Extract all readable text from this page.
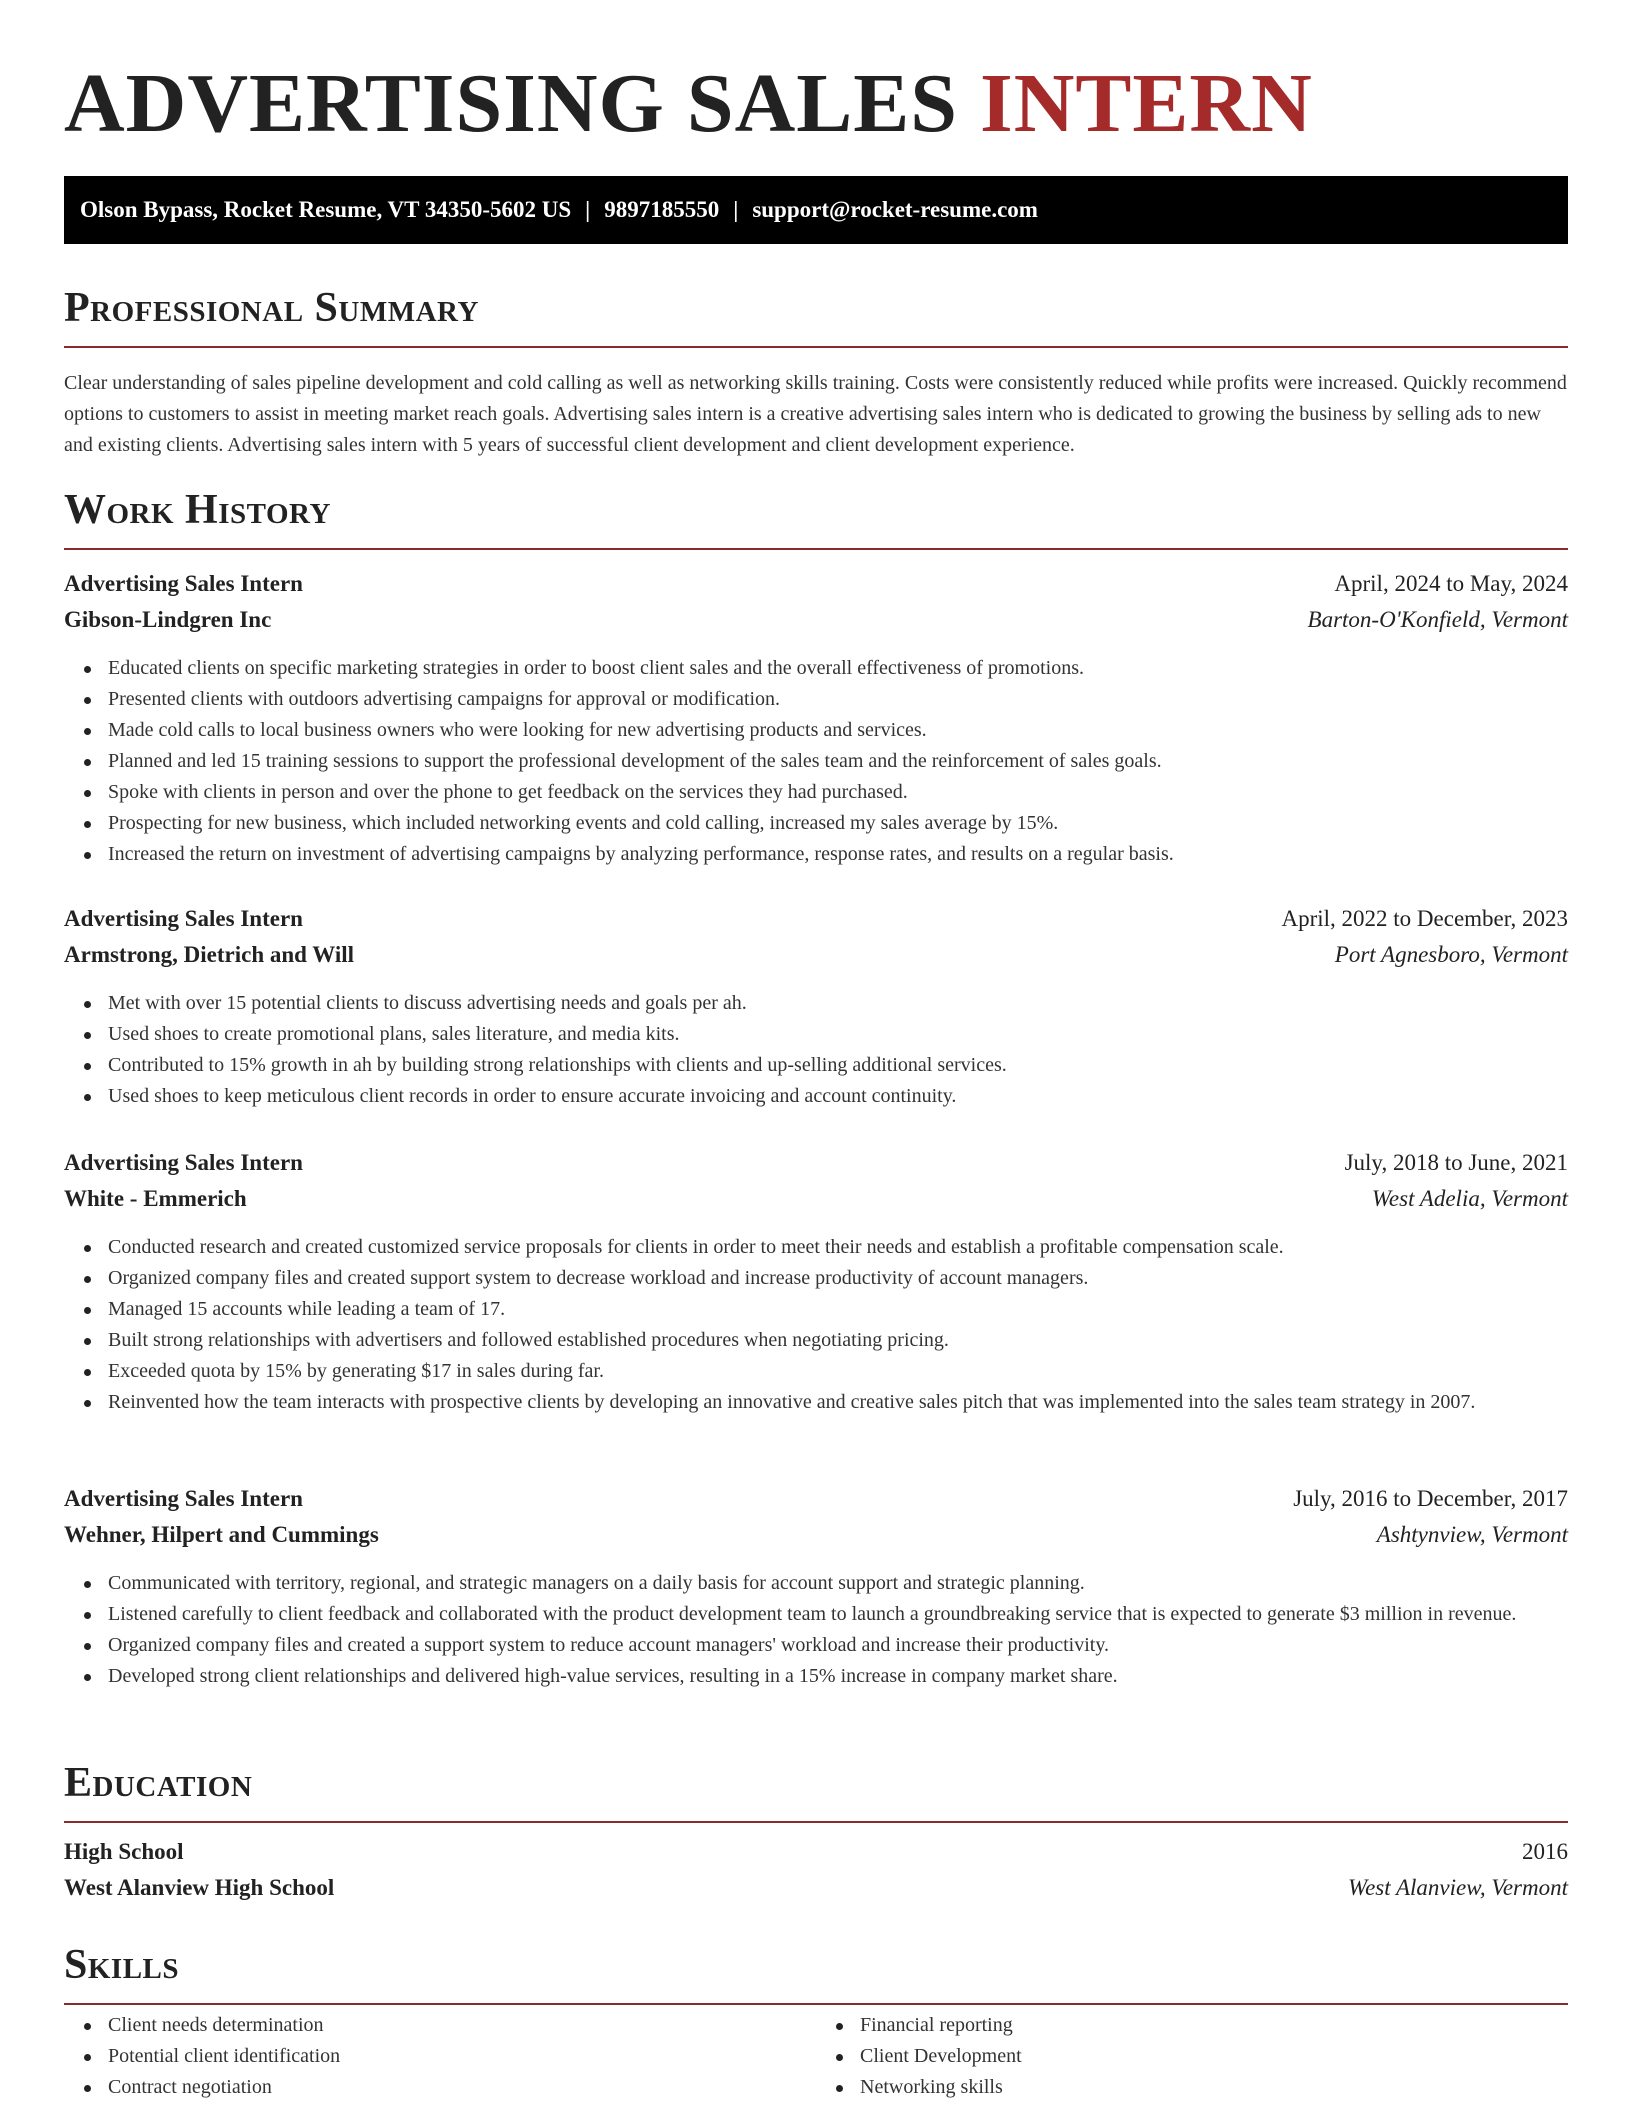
ADVERTISING SALES INTERN
Olson Bypass, Rocket Resume, VT 34350-5602 US | 9897185550 | support@rocket-resume.com
Professional Summary

Clear understanding of sales pipeline development and cold calling as well as networking skills training. Costs were consistently reduced while profits were increased. Quickly recommend options to customers to assist in meeting market reach goals. Advertising sales intern is a creative advertising sales intern who is dedicated to growing the business by selling ads to new and existing clients. Advertising sales intern with 5 years of successful client development and client development experience.

Work History
Advertising Sales Intern	April, 2024 to May, 2024
Gibson-Lindgren Inc	Barton-O'Konfield, Vermont
Educated clients on specific marketing strategies in order to boost client sales and the overall effectiveness of promotions.
Presented clients with outdoors advertising campaigns for approval or modification.
Made cold calls to local business owners who were looking for new advertising products and services.
Planned and led 15 training sessions to support the professional development of the sales team and the reinforcement of sales goals.
Spoke with clients in person and over the phone to get feedback on the services they had purchased.
Prospecting for new business, which included networking events and cold calling, increased my sales average by 15%.
Increased the return on investment of advertising campaigns by analyzing performance, response rates, and results on a regular basis.
Advertising Sales Intern	April, 2022 to December, 2023
Armstrong, Dietrich and Will	Port Agnesboro, Vermont
Met with over 15 potential clients to discuss advertising needs and goals per ah.
Used shoes to create promotional plans, sales literature, and media kits.
Contributed to 15% growth in ah by building strong relationships with clients and up-selling additional services.
Used shoes to keep meticulous client records in order to ensure accurate invoicing and account continuity.
Advertising Sales Intern	July, 2018 to June, 2021
White - Emmerich	West Adelia, Vermont
Conducted research and created customized service proposals for clients in order to meet their needs and establish a profitable compensation scale.
Organized company files and created support system to decrease workload and increase productivity of account managers.
Managed 15 accounts while leading a team of 17.
Built strong relationships with advertisers and followed established procedures when negotiating pricing.
Exceeded quota by 15% by generating $17 in sales during far.
Reinvented how the team interacts with prospective clients by developing an innovative and creative sales pitch that was implemented into the sales team strategy in 2007.
Advertising Sales Intern	July, 2016 to December, 2017
Wehner, Hilpert and Cummings	Ashtynview, Vermont
Communicated with territory, regional, and strategic managers on a daily basis for account support and strategic planning.
Listened carefully to client feedback and collaborated with the product development team to launch a groundbreaking service that is expected to generate $3 million in revenue.
Organized company files and created a support system to reduce account managers' workload and increase their productivity.
Developed strong client relationships and delivered high-value services, resulting in a 15% increase in company market share.
Education
High School	2016
West Alanview High School	West Alanview, Vermont
Skills
Client needs determination
Potential client identification
Contract negotiation
Financial reporting
Client Development
Networking skills
